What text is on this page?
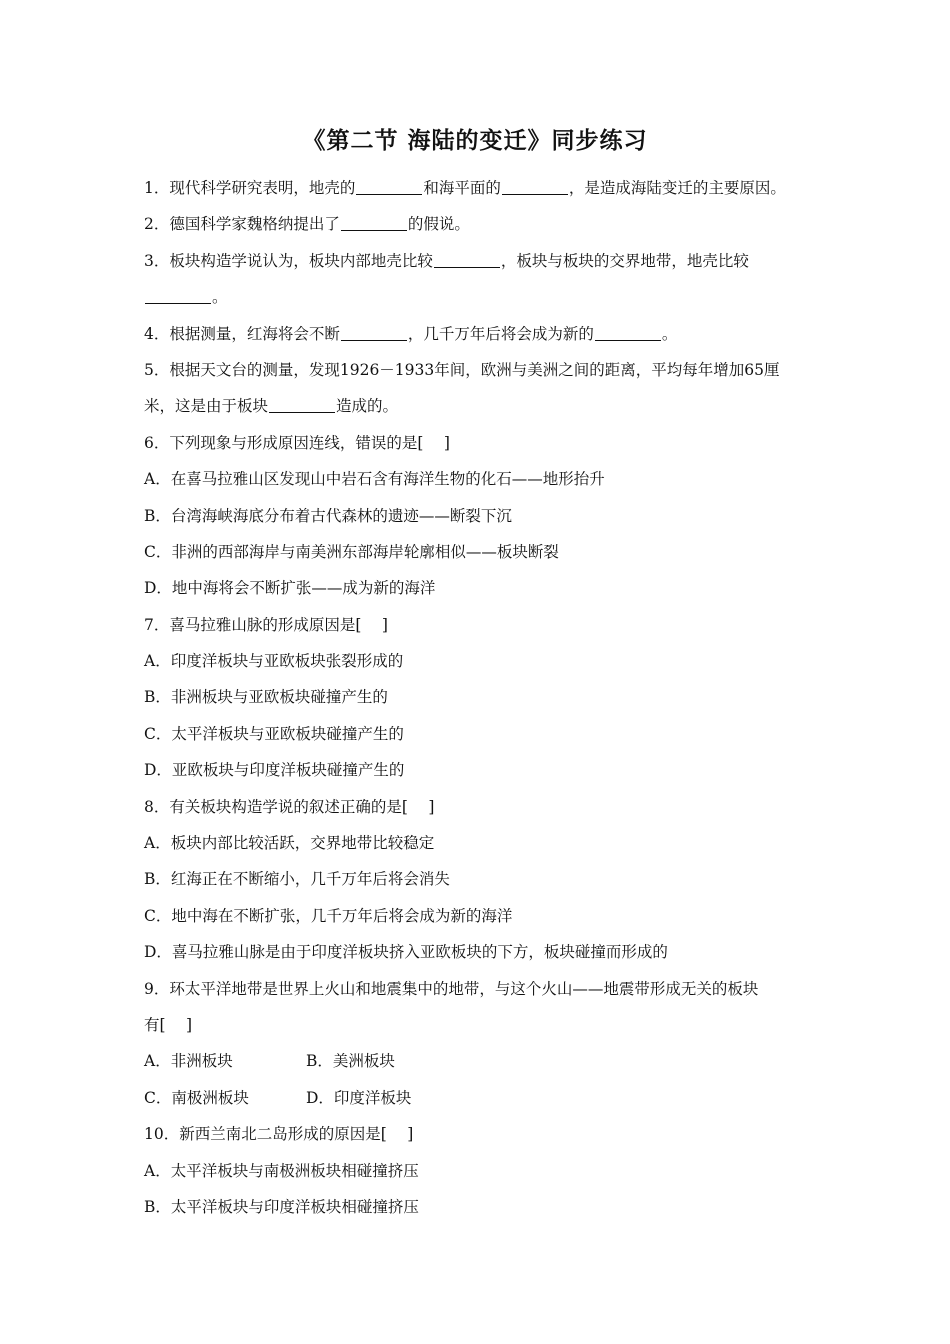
《第二节 海陆的变迁》同步练习
1．现代科学研究表明，地壳的	和海平面的	，是造成海陆变迁的主要原因。
2．德国科学家魏格纳提出了	的假说。
3．板块构造学说认为，板块内部地壳比较	，板块与板块的交界地带，地壳比较
。
4．根据测量，红海将会不断	，几千万年后将会成为新的	。
5．根据天文台的测量，发现1926－1933年间，欧洲与美洲之间的距离，平均每年增加65厘
米，这是由于板块	造成的。
6．下列现象与形成原因连线，错误的是[　 ]
A．在喜马拉雅山区发现山中岩石含有海洋生物的化石——地形抬升
B．台湾海峡海底分布着古代森林的遗迹——断裂下沉
C．非洲的西部海岸与南美洲东部海岸轮廓相似——板块断裂
D．地中海将会不断扩张——成为新的海洋
7．喜马拉雅山脉的形成原因是[　 ]
A．印度洋板块与亚欧板块张裂形成的
B．非洲板块与亚欧板块碰撞产生的
C．太平洋板块与亚欧板块碰撞产生的
D．亚欧板块与印度洋板块碰撞产生的
8．有关板块构造学说的叙述正确的是[　 ]
A．板块内部比较活跃，交界地带比较稳定
B．红海正在不断缩小，几千万年后将会消失
C．地中海在不断扩张，几千万年后将会成为新的海洋
D．喜马拉雅山脉是由于印度洋板块挤入亚欧板块的下方，板块碰撞而形成的
9．环太平洋地带是世界上火山和地震集中的地带，与这个火山——地震带形成无关的板块
有[　 ]
A．非洲板块	B．美洲板块
C．南极洲板块	D．印度洋板块
10．新西兰南北二岛形成的原因是[　 ]
A．太平洋板块与南极洲板块相碰撞挤压
B．太平洋板块与印度洋板块相碰撞挤压
